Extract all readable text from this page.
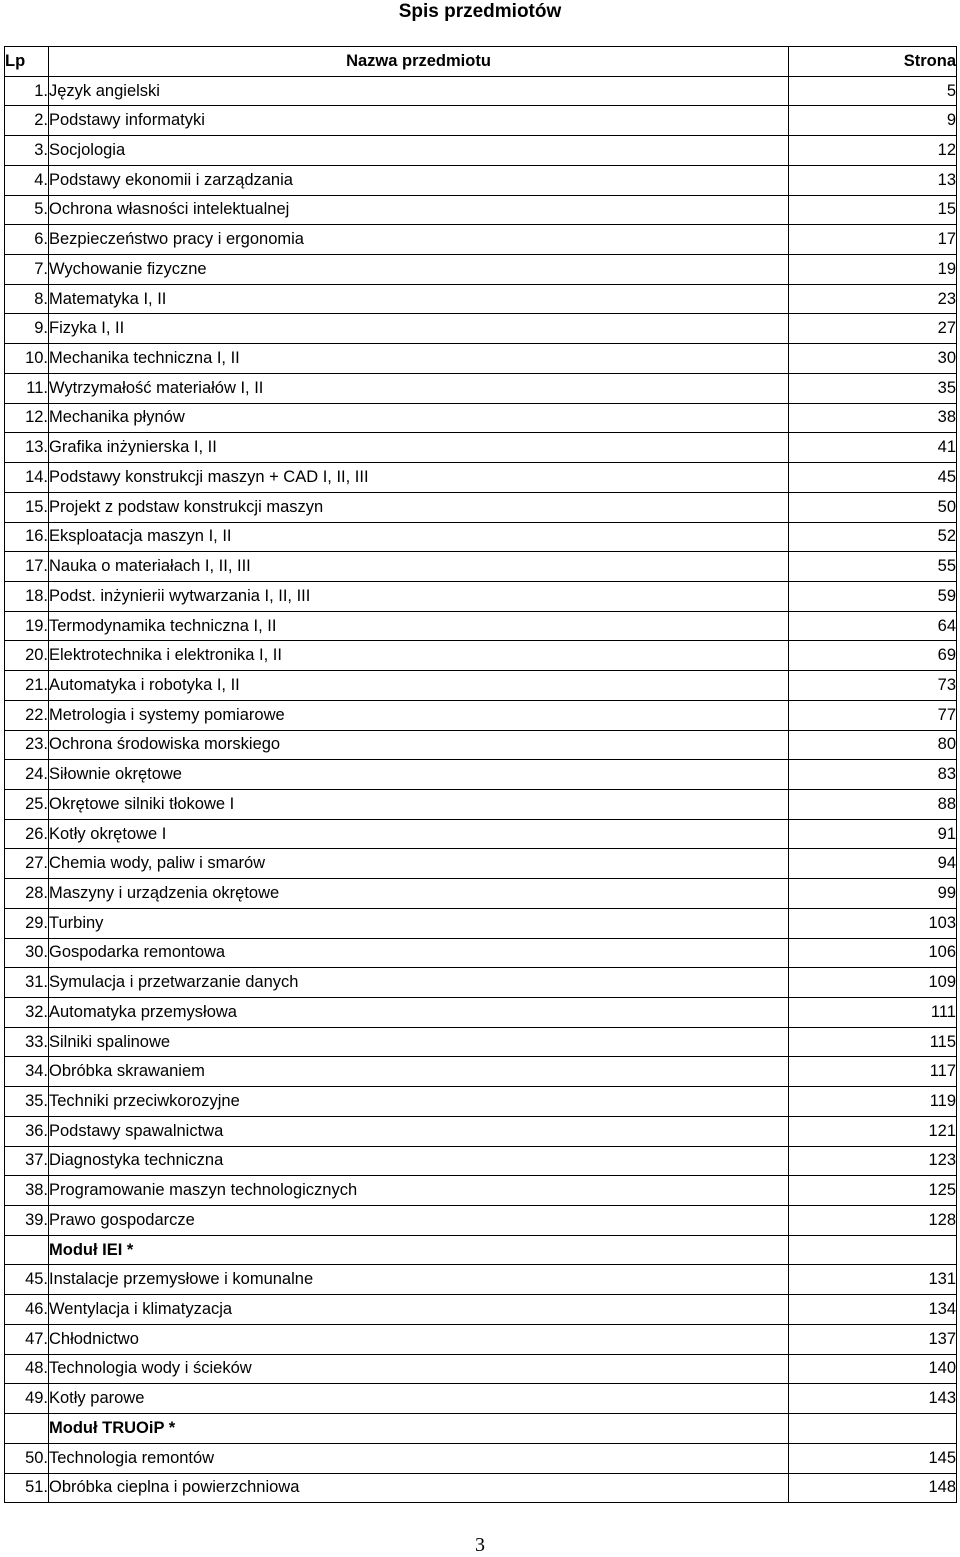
Spis przedmiotów
Lp	Nazwa przedmiotu	Strona
1.	Język angielski	5
2.	Podstawy informatyki	9
3.	Socjologia	12
4.	Podstawy ekonomii i zarządzania	13
5.	Ochrona własności intelektualnej	15
6.	Bezpieczeństwo pracy i ergonomia	17
7.	Wychowanie fizyczne	19
8.	Matematyka I, II	23
9.	Fizyka I, II	27
10.	Mechanika techniczna I, II	30
11.	Wytrzymałość materiałów I, II	35
12.	Mechanika płynów	38
13.	Grafika inżynierska I, II	41
14.	Podstawy konstrukcji maszyn + CAD I, II, III	45
15.	Projekt z podstaw konstrukcji maszyn	50
16.	Eksploatacja maszyn I, II	52
17.	Nauka o materiałach I, II, III	55
18.	Podst. inżynierii wytwarzania I, II, III	59
19.	Termodynamika techniczna I, II	64
20.	Elektrotechnika i elektronika I, II	69
21.	Automatyka i robotyka I, II	73
22.	Metrologia i systemy pomiarowe	77
23.	Ochrona środowiska morskiego	80
24.	Siłownie okrętowe	83
25.	Okrętowe silniki tłokowe I	88
26.	Kotły okrętowe I	91
27.	Chemia wody, paliw i smarów	94
28.	Maszyny i urządzenia okrętowe	99
29.	Turbiny	103
30.	Gospodarka remontowa	106
31.	Symulacja i przetwarzanie danych	109
32.	Automatyka przemysłowa	111
33.	Silniki spalinowe	115
34.	Obróbka skrawaniem	117
35.	Techniki przeciwkorozyjne	119
36.	Podstawy spawalnictwa	121
37.	Diagnostyka techniczna	123
38.	Programowanie maszyn technologicznych	125
39.	Prawo gospodarcze	128
	Moduł IEI *	
45.	Instalacje przemysłowe i komunalne	131
46.	Wentylacja i klimatyzacja	134
47.	Chłodnictwo	137
48.	Technologia wody i ścieków	140
49.	Kotły parowe	143
	Moduł TRUOiP *	
50.	Technologia remontów	145
51.	Obróbka cieplna i powierzchniowa	148
3
